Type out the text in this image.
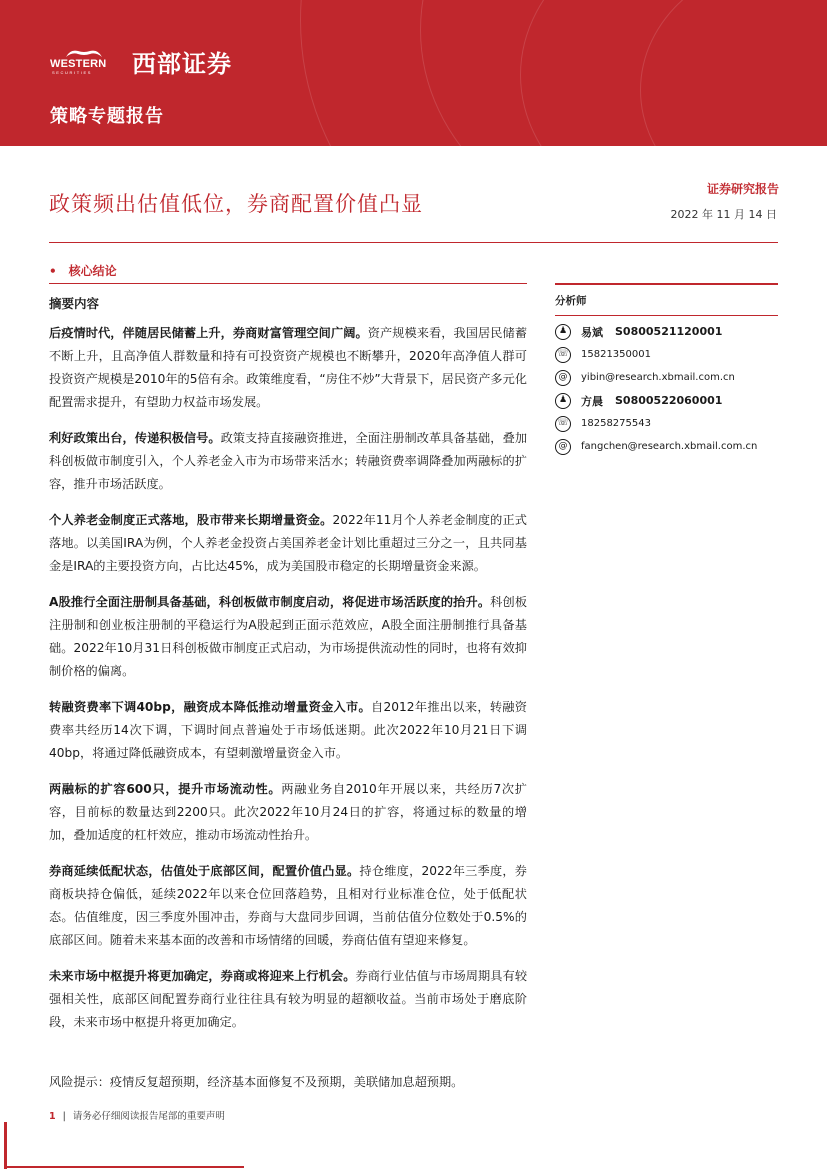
WESTERN
SECURITIES 西部证券
策略专题报告
政策频出估值低位，券商配置价值凸显
证券研究报告
2022 年 11 月 14 日
• 核心结论
摘要内容

后疫情时代，伴随居民储蓄上升，券商财富管理空间广阔。资产规模来看，我国居民储蓄不断上升，且高净值人群数量和持有可投资资产规模也不断攀升，2020年高净值人群可投资资产规模是2010年的5倍有余。政策维度看，“房住不炒”大背景下，居民资产多元化配置需求提升，有望助力权益市场发展。

利好政策出台，传递积极信号。政策支持直接融资推进，全面注册制改革具备基础，叠加科创板做市制度引入，个人养老金入市为市场带来活水；转融资费率调降叠加两融标的扩容，推升市场活跃度。

个人养老金制度正式落地，股市带来长期增量资金。2022年11月个人养老金制度的正式落地。以美国IRA为例，个人养老金投资占美国养老金计划比重超过三分之一，且共同基金是IRA的主要投资方向，占比达45%，成为美国股市稳定的长期增量资金来源。

A股推行全面注册制具备基础，科创板做市制度启动，将促进市场活跃度的抬升。科创板注册制和创业板注册制的平稳运行为A股起到正面示范效应，A股全面注册制推行具备基础。2022年10月31日科创板做市制度正式启动，为市场提供流动性的同时，也将有效抑制价格的偏离。

转融资费率下调40bp，融资成本降低推动增量资金入市。自2012年推出以来，转融资费率共经历14次下调，下调时间点普遍处于市场低迷期。此次2022年10月21日下调40bp，将通过降低融资成本，有望刺激增量资金入市。

两融标的扩容600只，提升市场流动性。两融业务自2010年开展以来，共经历7次扩容，目前标的数量达到2200只。此次2022年10月24日的扩容，将通过标的数量的增加，叠加适度的杠杆效应，推动市场流动性抬升。

券商延续低配状态，估值处于底部区间，配置价值凸显。持仓维度，2022年三季度，券商板块持仓偏低，延续2022年以来仓位回落趋势，且相对行业标准仓位，处于低配状态。估值维度，因三季度外围冲击，券商与大盘同步回调，当前估值分位数处于0.5%的底部区间。随着未来基本面的改善和市场情绪的回暖，券商估值有望迎来修复。

未来市场中枢提升将更加确定，券商或将迎来上行机会。券商行业估值与市场周期具有较强相关性，底部区间配置券商行业往往具有较为明显的超额收益。当前市场处于磨底阶段，未来市场中枢提升将更加确定。

风险提示：疫情反复超预期，经济基本面修复不及预期，美联储加息超预期。
分析师
♟	易斌 S0800521120001
☏ 15821350001
@	yibin@research.xbmail.com.cn
♟	方晨 S0800522060001
☏ 18258275543
@	fangchen@research.xbmail.com.cn
1 | 请务必仔细阅读报告尾部的重要声明
